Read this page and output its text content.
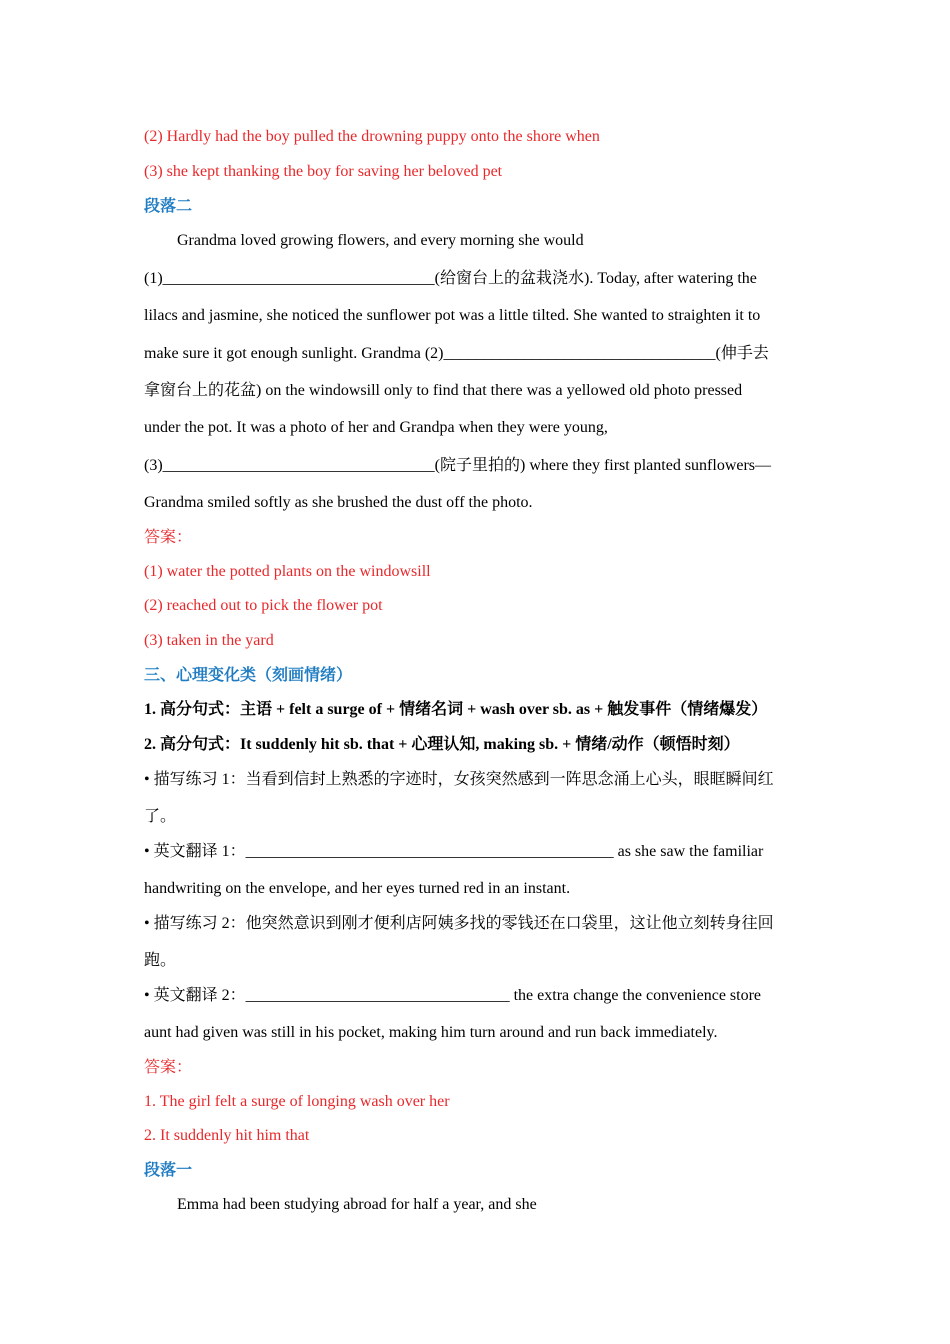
(2) Hardly had the boy pulled the drowning puppy onto the shore when
(3) she kept thanking the boy for saving her beloved pet
段落二
Grandma loved growing flowers, and every morning she would
(1)__________________________________(给窗台上的盆栽浇水). Today, after watering the
lilacs and jasmine, she noticed the sunflower pot was a little tilted. She wanted to straighten it to
make sure it got enough sunlight. Grandma (2)__________________________________(伸手去
拿窗台上的花盆) on the windowsill only to find that there was a yellowed old photo pressed
under the pot. It was a photo of her and Grandpa when they were young,
(3)__________________________________(院子里拍的) where they first planted sunflowers—
Grandma smiled softly as she brushed the dust off the photo.
答案：
(1) water the potted plants on the windowsill
(2) reached out to pick the flower pot
(3) taken in the yard
三、心理变化类（刻画情绪）
1. 高分句式：主语 + felt a surge of + 情绪名词 + wash over sb. as + 触发事件（情绪爆发）
2. 高分句式：It suddenly hit sb. that + 心理认知, making sb. + 情绪/动作（顿悟时刻）
• 描写练习 1：当看到信封上熟悉的字迹时，女孩突然感到一阵思念涌上心头，眼眶瞬间红
了。
• 英文翻译 1：______________________________________________ as she saw the familiar
handwriting on the envelope, and her eyes turned red in an instant.
• 描写练习 2：他突然意识到刚才便利店阿姨多找的零钱还在口袋里，这让他立刻转身往回
跑。
• 英文翻译 2：_________________________________ the extra change the convenience store
aunt had given was still in his pocket, making him turn around and run back immediately.
答案：
1. The girl felt a surge of longing wash over her
2. It suddenly hit him that
段落一
Emma had been studying abroad for half a year, and she
